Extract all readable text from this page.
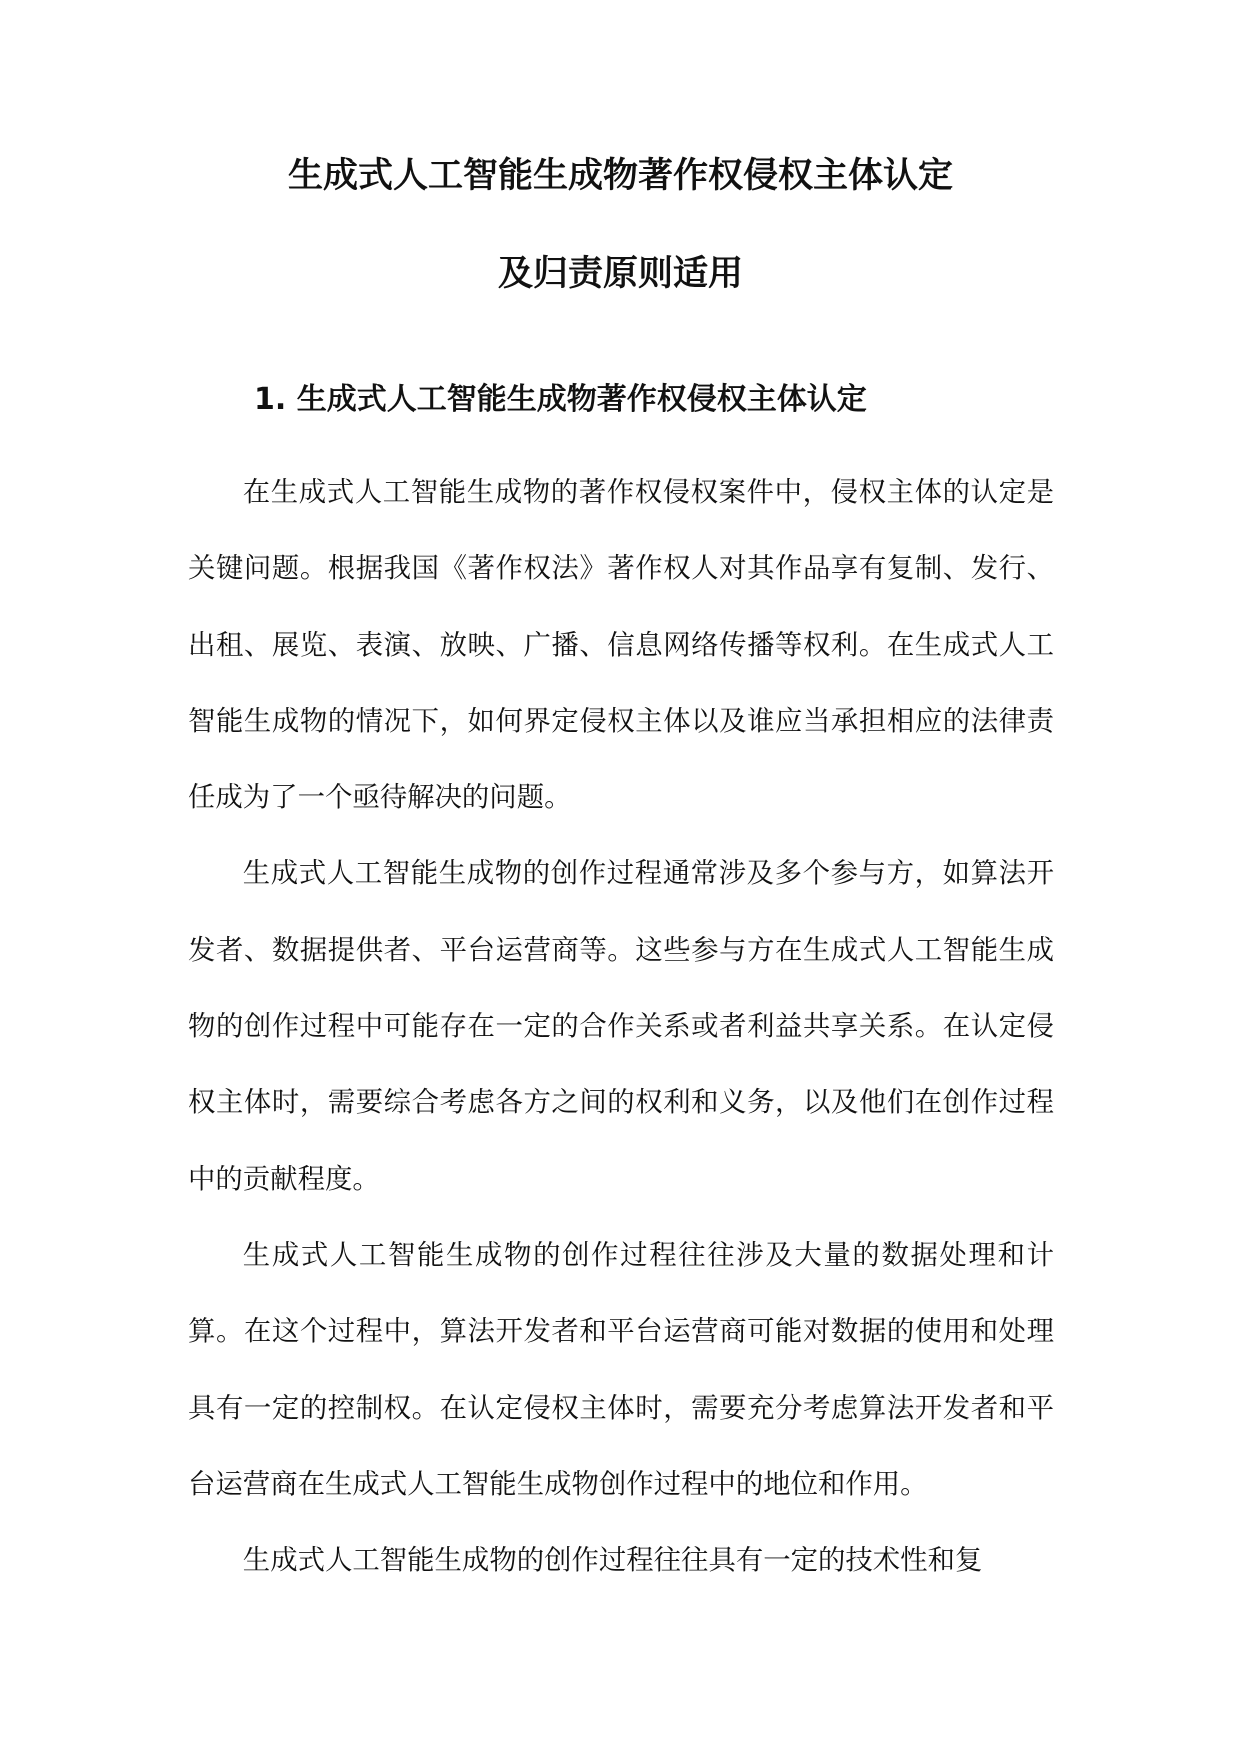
生成式人工智能生成物著作权侵权主体认定
及归责原则适用
1. 生成式人工智能生成物著作权侵权主体认定

在生成式人工智能生成物的著作权侵权案件中，侵权主体的认定是关键问题。根据我国《著作权法》著作权人对其作品享有复制、发行、出租、展览、表演、放映、广播、信息网络传播等权利。在生成式人工智能生成物的情况下，如何界定侵权主体以及谁应当承担相应的法律责任成为了一个亟待解决的问题。

生成式人工智能生成物的创作过程通常涉及多个参与方，如算法开发者、数据提供者、平台运营商等。这些参与方在生成式人工智能生成物的创作过程中可能存在一定的合作关系或者利益共享关系。在认定侵权主体时，需要综合考虑各方之间的权利和义务，以及他们在创作过程中的贡献程度。

生成式人工智能生成物的创作过程往往涉及大量的数据处理和计算。在这个过程中，算法开发者和平台运营商可能对数据的使用和处理具有一定的控制权。在认定侵权主体时，需要充分考虑算法开发者和平台运营商在生成式人工智能生成物创作过程中的地位和作用。

生成式人工智能生成物的创作过程往往具有一定的技术性和复
